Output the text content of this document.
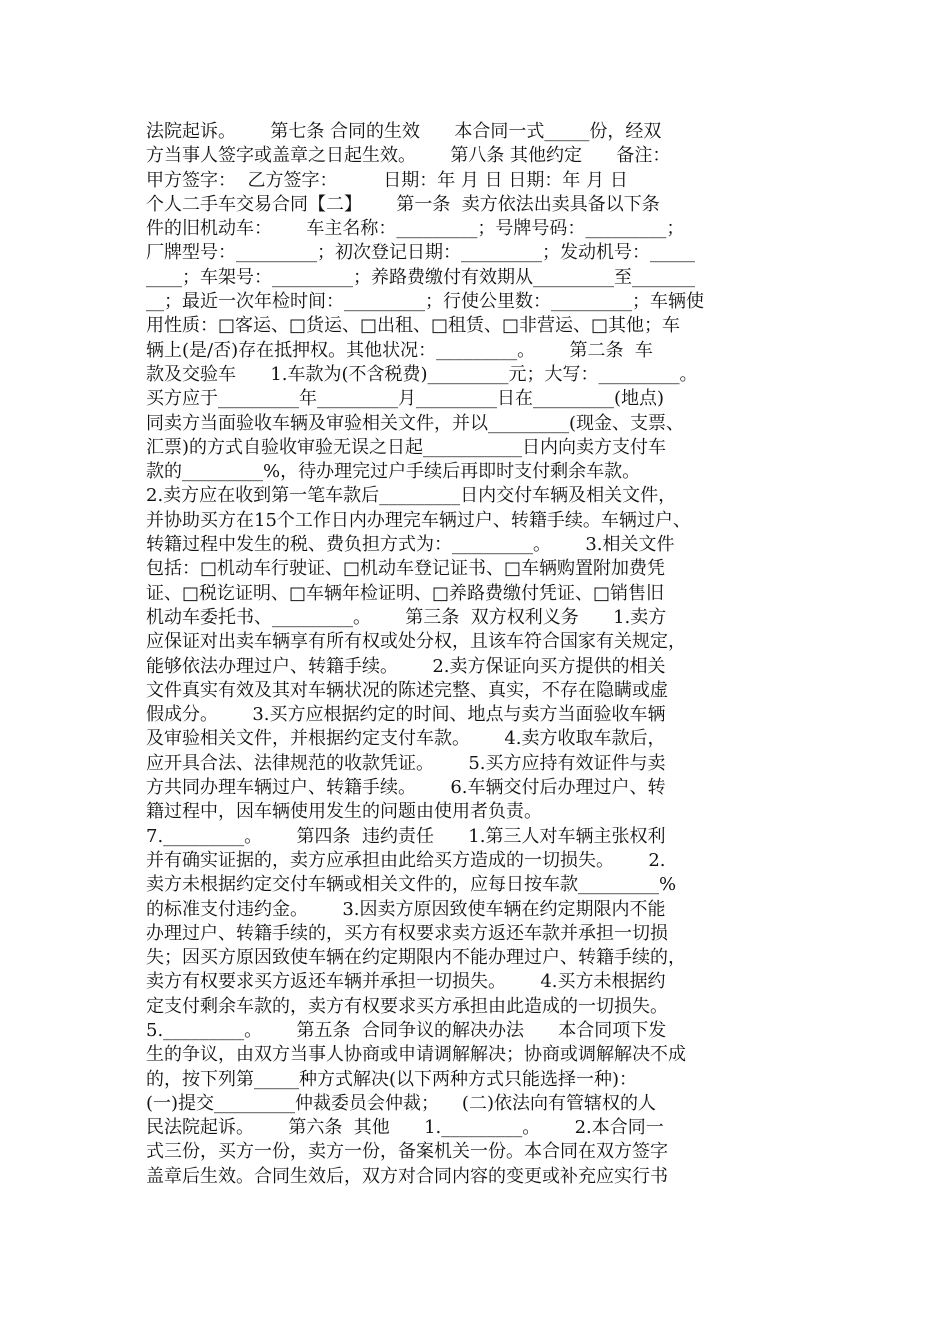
法院起诉。      第七条 合同的生效      本合同一式_____份，经双
方当事人签字或盖章之日起生效。      第八条 其他约定      备注：
甲方签字：  乙方签字：        日期：年 月 日 日期：年 月 日
个人二手车交易合同【二】      第一条  卖方依法出卖具备以下条
件的旧机动车：      车主名称：_________；号牌号码：_________；
厂牌型号：_________；初次登记日期：_________；发动机号：_____
____；车架号：_________；养路费缴付有效期从_________至_______
__；最近一次年检时间：_________；行使公里数：_________；车辆使
用性质：□客运、□货运、□出租、□租赁、□非营运、□其他；车
辆上(是/否)存在抵押权。其他状况：_________。      第二条  车
款及交验车      1.车款为(不含税费)_________元；大写：_________。
买方应于_________年_________月_________日在_________(地点)
同卖方当面验收车辆及审验相关文件，并以_________(现金、支票、
汇票)的方式自验收审验无误之日起___________日内向卖方支付车
款的_________%，待办理完过户手续后再即时支付剩余车款。
2.卖方应在收到第一笔车款后_________日内交付车辆及相关文件，
并协助买方在15个工作日内办理完车辆过户、转籍手续。车辆过户、
转籍过程中发生的税、费负担方式为：_________。      3.相关文件
包括：□机动车行驶证、□机动车登记证书、□车辆购置附加费凭
证、□税讫证明、□车辆年检证明、□养路费缴付凭证、□销售旧
机动车委托书、_________。      第三条  双方权利义务      1.卖方
应保证对出卖车辆享有所有权或处分权，且该车符合国家有关规定，
能够依法办理过户、转籍手续。      2.卖方保证向买方提供的相关
文件真实有效及其对车辆状况的陈述完整、真实，不存在隐瞒或虚
假成分。      3.买方应根据约定的时间、地点与卖方当面验收车辆
及审验相关文件，并根据约定支付车款。      4.卖方收取车款后，
应开具合法、法律规范的收款凭证。      5.买方应持有效证件与卖
方共同办理车辆过户、转籍手续。      6.车辆交付后办理过户、转
籍过程中，因车辆使用发生的问题由使用者负责。
7._________。      第四条  违约责任      1.第三人对车辆主张权利
并有确实证据的，卖方应承担由此给买方造成的一切损失。      2.
卖方未根据约定交付车辆或相关文件的，应每日按车款_________%
的标准支付违约金。      3.因卖方原因致使车辆在约定期限内不能
办理过户、转籍手续的，买方有权要求卖方返还车款并承担一切损
失；因买方原因致使车辆在约定期限内不能办理过户、转籍手续的，
卖方有权要求买方返还车辆并承担一切损失。      4.买方未根据约
定支付剩余车款的，卖方有权要求买方承担由此造成的一切损失。
5._________。      第五条  合同争议的解决办法      本合同项下发
生的争议，由双方当事人协商或申请调解解决；协商或调解解决不成
的，按下列第_____种方式解决(以下两种方式只能选择一种)：
(一)提交_________仲裁委员会仲裁；    (二)依法向有管辖权的人
民法院起诉。      第六条  其他      1._________。      2.本合同一
式三份，买方一份，卖方一份，备案机关一份。本合同在双方签字
盖章后生效。合同生效后，双方对合同内容的变更或补充应实行书
